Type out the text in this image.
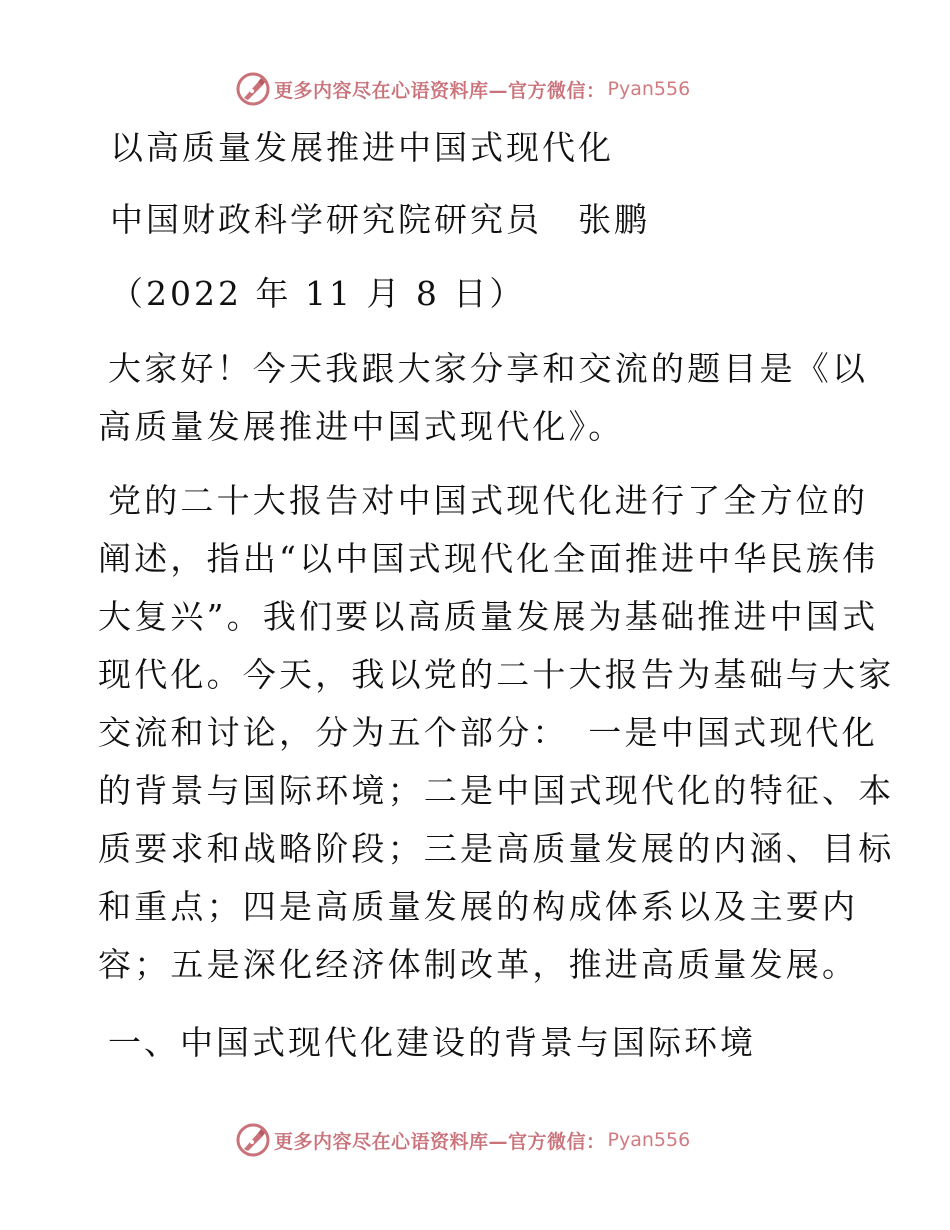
更多内容尽在心语资料库—官方微信： Pyan556
以高质量发展推进中国式现代化
中国财政科学研究院研究员　张鹏
（2022 年 11 月 8 日）

大家好！今天我跟大家分享和交流的题目是《以

高质量发展推进中国式现代化》。

党的二十大报告对中国式现代化进行了全方位的

阐述，指出“以中国式现代化全面推进中华民族伟

大复兴”。我们要以高质量发展为基础推进中国式

现代化。今天，我以党的二十大报告为基础与大家

交流和讨论，分为五个部分：　一是中国式现代化

的背景与国际环境；二是中国式现代化的特征、本

质要求和战略阶段；三是高质量发展的内涵、目标

和重点；四是高质量发展的构成体系以及主要内

容；五是深化经济体制改革，推进高质量发展。

一、中国式现代化建设的背景与国际环境
更多内容尽在心语资料库—官方微信： Pyan556
